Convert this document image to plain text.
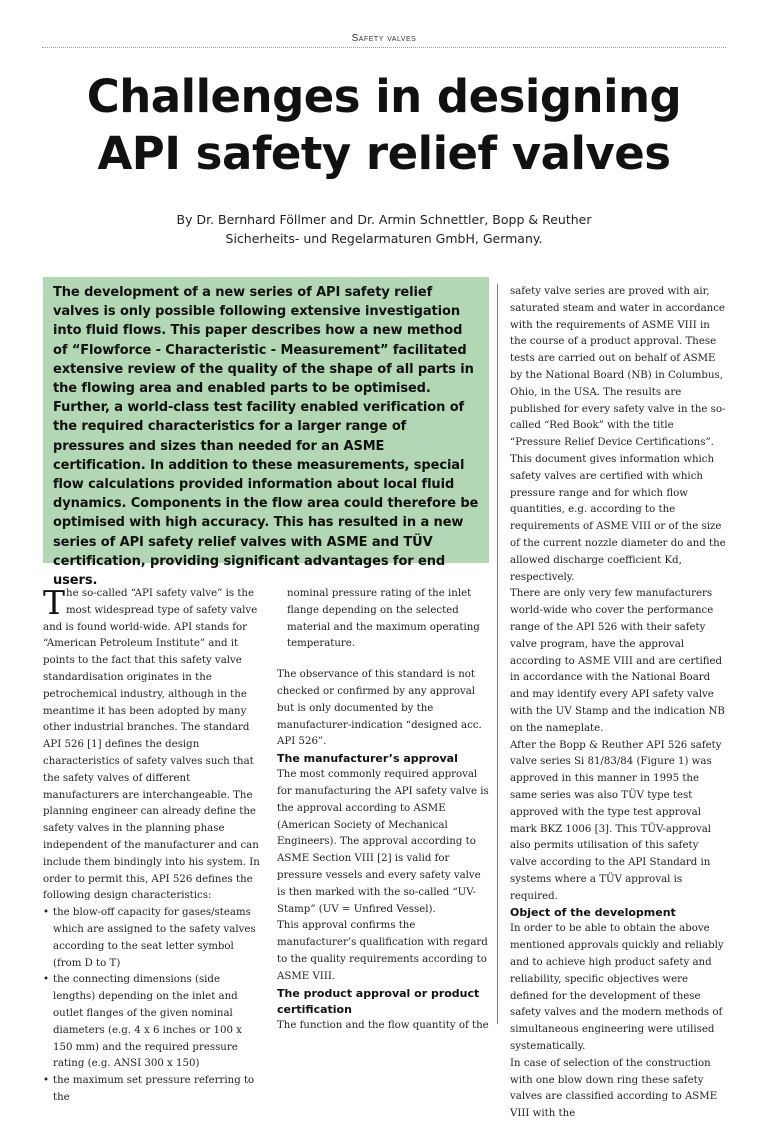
Safety valves
Challenges in designing
API safety relief valves
By Dr. Bernhard Föllmer and Dr. Armin Schnettler, Bopp & Reuther
Sicherheits- und Regelarmaturen GmbH, Germany.

The development of a new series of API safety relief valves is only possible following extensive investigation into fluid flows. This paper describes how a new method of “Flowforce - Characteristic - Measurement” facilitated extensive review of the quality of the shape of all parts in the flowing area and enabled parts to be optimised. Further, a world-class test facility enabled verification of the required characteristics for a larger range of pressures and sizes than needed for an ASME certification. In addition to these measurements, special flow calculations provided information about local fluid dynamics. Components in the flow area could therefore be optimised with high accuracy. This has resulted in a new series of API safety relief valves with ASME and TÜV certification, providing significant advantages for end users.

The so-called “API safety valve” is the most widespread type of safety valve and is found world-wide. API stands for “American Petroleum Institute” and it points to the fact that this safety valve standardisation originates in the petrochemical industry, although in the meantime it has been adopted by many other industrial branches. The standard API 526 [1] defines the design characteristics of safety valves such that the safety valves of different manufacturers are interchangeable. The planning engineer can already define the safety valves in the planning phase independent of the manufacturer and can include them bindingly into his system. In order to permit this, API 526 defines the following design characteristics:

• the blow-off capacity for gases/steams which are assigned to the safety valves according to the seat letter symbol (from D to T)
• the connecting dimensions (side lengths) depending on the inlet and outlet flanges of the given nominal diameters (e.g. 4 x 6 inches or 100 x 150 mm) and the required pressure rating (e.g. ANSI 300 x 150)
• the maximum set pressure referring to the

nominal pressure rating of the inlet flange depending on the selected material and the maximum operating temperature.

The observance of this standard is not checked or confirmed by any approval but is only documented by the manufacturer-indication “designed acc. API 526”.

The manufacturer’s approval

The most commonly required approval for manufacturing the API safety valve is the approval according to ASME (American Society of Mechanical Engineers). The approval according to ASME Section VIII [2] is valid for pressure vessels and every safety valve is then marked with the so-called “UV-Stamp” (UV = Unfired Vessel).

This approval confirms the manufacturer’s qualification with regard to the quality requirements according to ASME VIII.

The product approval or product certification

The function and the flow quantity of the

safety valve series are proved with air, saturated steam and water in accordance with the requirements of ASME VIII in the course of a product approval. These tests are carried out on behalf of ASME by the National Board (NB) in Columbus, Ohio, in the USA. The results are published for every safety valve in the so-called “Red Book” with the title “Pressure Relief Device Certifications”. This document gives information which safety valves are certified with which pressure range and for which flow quantities, e.g. according to the requirements of ASME VIII or of the size of the current nozzle diameter do and the allowed discharge coefficient Kd, respectively.

There are only very few manufacturers world-wide who cover the performance range of the API 526 with their safety valve program, have the approval according to ASME VIII and are certified in accordance with the National Board and may identify every API safety valve with the UV Stamp and the indication NB on the nameplate.

After the Bopp & Reuther API 526 safety valve series Si 81/83/84 (Figure 1) was approved in this manner in 1995 the same series was also TÜV type test approved with the type test approval mark BKZ 1006 [3]. This TÜV-approval also permits utilisation of this safety valve according to the API Standard in systems where a TÜV approval is required.

Object of the development

In order to be able to obtain the above mentioned approvals quickly and reliably and to achieve high product safety and reliability, specific objectives were defined for the development of these safety valves and the modern methods of simultaneous engineering were utilised systematically.

In case of selection of the construction with one blow down ring these safety valves are classified according to ASME VIII with the
